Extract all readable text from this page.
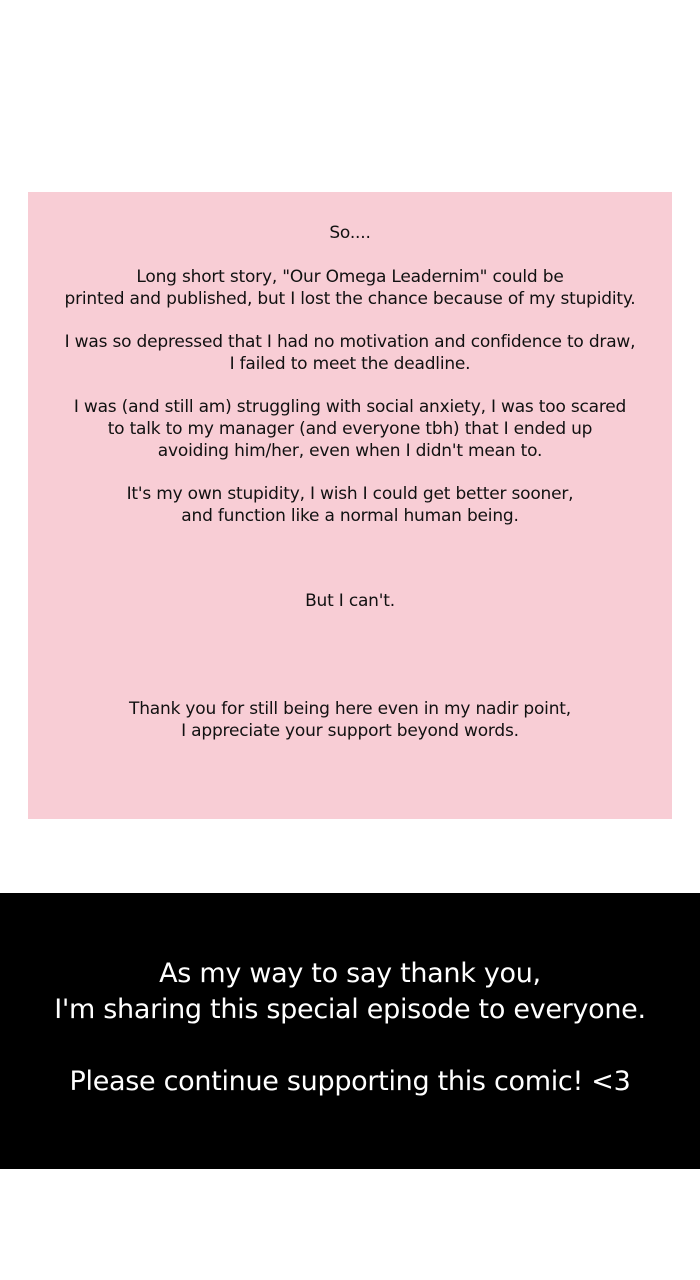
So....
Long short story, "Our Omega Leadernim" could be
printed and published, but I lost the chance because of my stupidity.
I was so depressed that I had no motivation and confidence to draw,
I failed to meet the deadline.
I was (and still am) struggling with social anxiety, I was too scared
to talk to my manager (and everyone tbh) that I ended up
avoiding him/her, even when I didn't mean to.
It's my own stupidity, I wish I could get better sooner,
and function like a normal human being.
But I can't.
Thank you for still being here even in my nadir point,
I appreciate your support beyond words.
As my way to say thank you,
I'm sharing this special episode to everyone.
Please continue supporting this comic! <3
